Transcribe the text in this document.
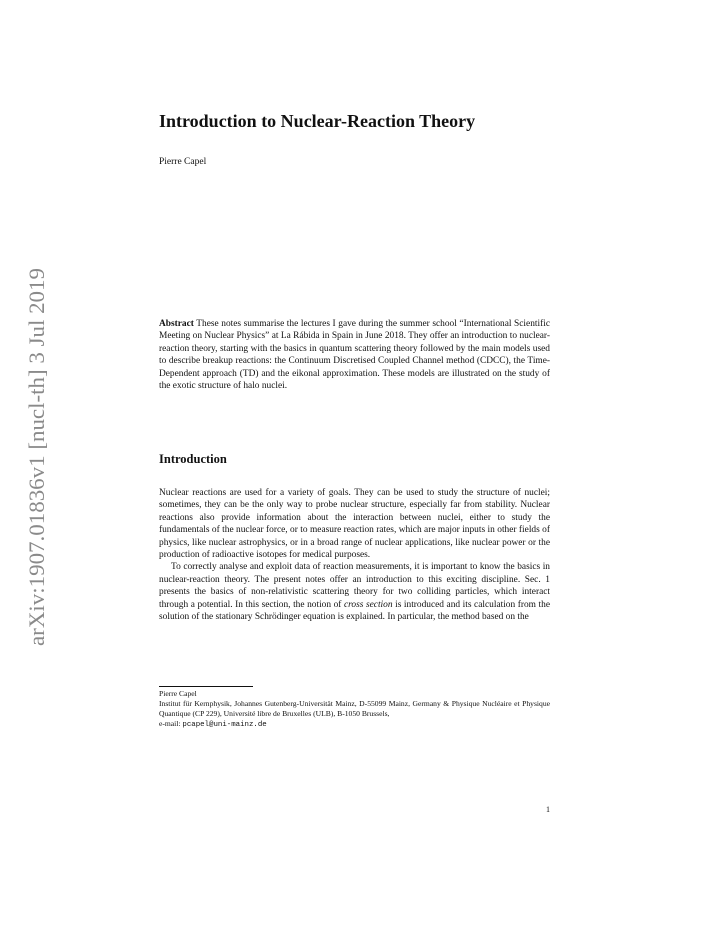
arXiv:1907.01836v1 [nucl-th] 3 Jul 2019
Introduction to Nuclear-Reaction Theory
Pierre Capel
Abstract These notes summarise the lectures I gave during the summer school “International Scientific Meeting on Nuclear Physics” at La Rábida in Spain in June 2018. They offer an introduction to nuclear-reaction theory, starting with the basics in quantum scattering theory followed by the main models used to describe breakup reactions: the Continuum Discretised Coupled Channel method (CDCC), the Time-Dependent approach (TD) and the eikonal approximation. These models are illustrated on the study of the exotic structure of halo nuclei.
Introduction

Nuclear reactions are used for a variety of goals. They can be used to study the structure of nuclei; sometimes, they can be the only way to probe nuclear structure, especially far from stability. Nuclear reactions also provide information about the interaction between nuclei, either to study the fundamentals of the nuclear force, or to measure reaction rates, which are major inputs in other fields of physics, like nuclear astrophysics, or in a broad range of nuclear applications, like nuclear power or the production of radioactive isotopes for medical purposes.

To correctly analyse and exploit data of reaction measurements, it is important to know the basics in nuclear-reaction theory. The present notes offer an introduction to this exciting discipline. Sec. 1 presents the basics of non-relativistic scattering theory for two colliding particles, which interact through a potential. In this section, the notion of cross section is introduced and its calculation from the solution of the stationary Schrödinger equation is explained. In particular, the method based on the

Pierre Capel
Institut für Kernphysik, Johannes Gutenberg-Universität Mainz, D-55099 Mainz, Germany & Physique Nucléaire et Physique Quantique (CP 229), Université libre de Bruxelles (ULB), B-1050 Brussels,
e-mail: pcapel@uni-mainz.de
1
